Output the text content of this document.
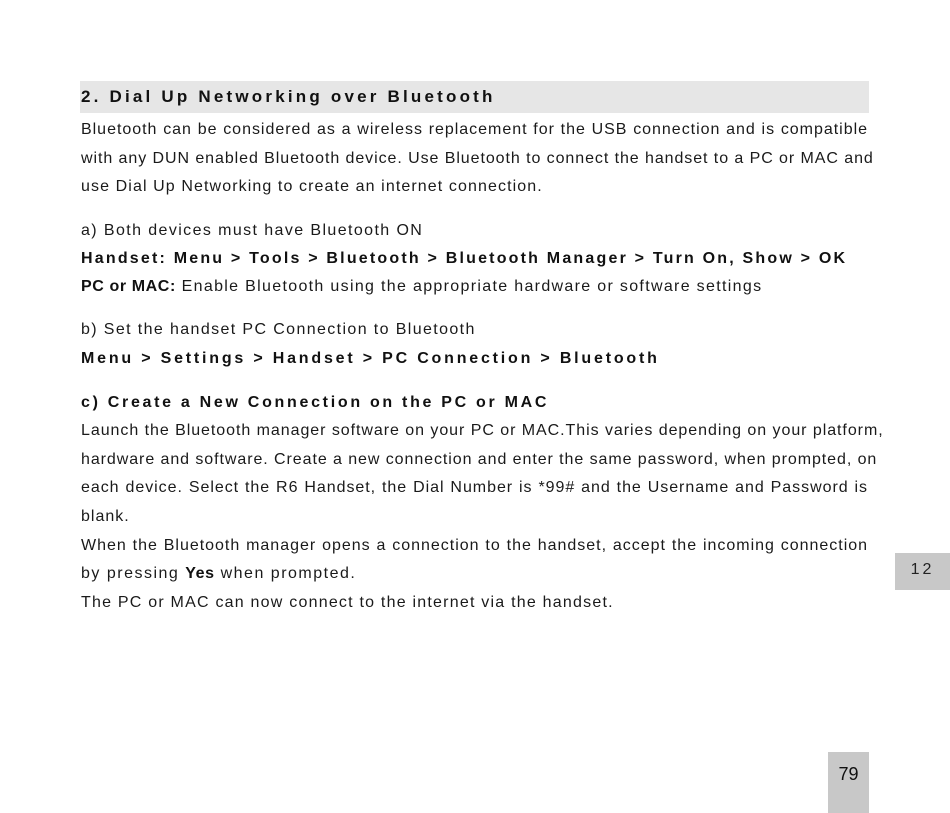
2. Dial Up Networking over Bluetooth
Bluetooth can be considered as a wireless replacement for the USB connection and is compatible
with any DUN enabled Bluetooth device. Use Bluetooth to connect the handset to a PC or MAC and
use Dial Up Networking to create an internet connection.
a) Both devices must have Bluetooth ON
Handset: Menu > Tools > Bluetooth > Bluetooth Manager > Turn On, Show > OK
PC or MAC: Enable Bluetooth using the appropriate hardware or software settings
b) Set the handset PC Connection to Bluetooth
Menu > Settings > Handset > PC Connection > Bluetooth
c) Create a New Connection on the PC or MAC
Launch the Bluetooth manager software on your PC or MAC.This varies depending on your platform,
hardware and software. Create a new connection and enter the same password, when prompted, on
each device. Select the R6 Handset, the Dial Number is *99# and the Username and Password is
blank.
When the Bluetooth manager opens a connection to the handset, accept the incoming connection
by pressing Yes when prompted.
The PC or MAC can now connect to the internet via the handset.
12
79
